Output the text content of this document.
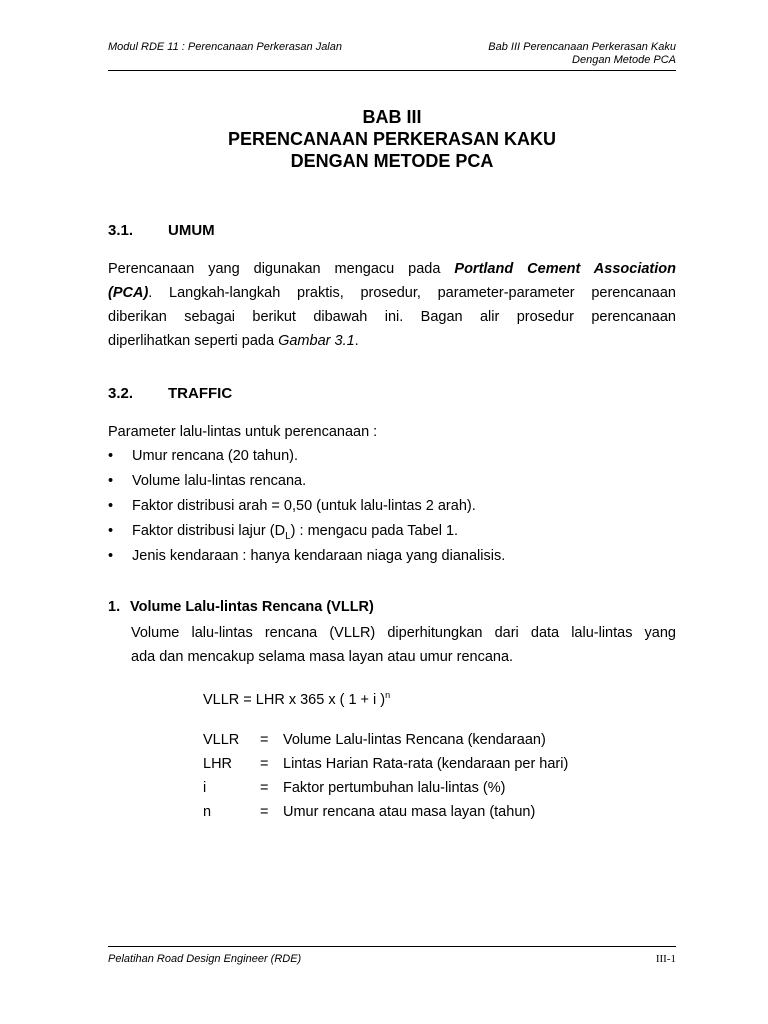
Modul RDE 11 : Perencanaan Perkerasan Jalan	Bab III Perencanaan Perkerasan Kaku
Dengan Metode PCA
BAB III
PERENCANAAN PERKERASAN KAKU
DENGAN METODE PCA
3.1. UMUM
Perencanaan yang digunakan mengacu pada Portland Cement Association
(PCA). Langkah-langkah praktis, prosedur, parameter-parameter perencanaan
diberikan sebagai berikut dibawah ini. Bagan alir prosedur perencanaan
diperlihatkan seperti pada Gambar 3.1.
3.2. TRAFFIC
Parameter lalu-lintas untuk perencanaan :
• Umur rencana (20 tahun).
• Volume lalu-lintas rencana.
• Faktor distribusi arah = 0,50 (untuk lalu-lintas 2 arah).
• Faktor distribusi lajur $(D_L)$ : mengacu pada Tabel 1.
• Jenis kendaraan : hanya kendaraan niaga yang dianalisis.
1. Volume Lalu-lintas Rencana (VLLR)
Volume lalu-lintas rencana (VLLR) diperhitungkan dari data lalu-lintas yang
ada dan mencakup selama masa layan atau umur rencana.
VLLR = LHR x 365 x ( 1 + i )$^n$
VLLR = Volume Lalu-lintas Rencana (kendaraan)
LHR = Lintas Harian Rata-rata (kendaraan per hari)
i	= Faktor pertumbuhan lalu-lintas (%)
n	= Umur rencana atau masa layan (tahun)
Pelatihan Road Design Engineer (RDE)	III-1
